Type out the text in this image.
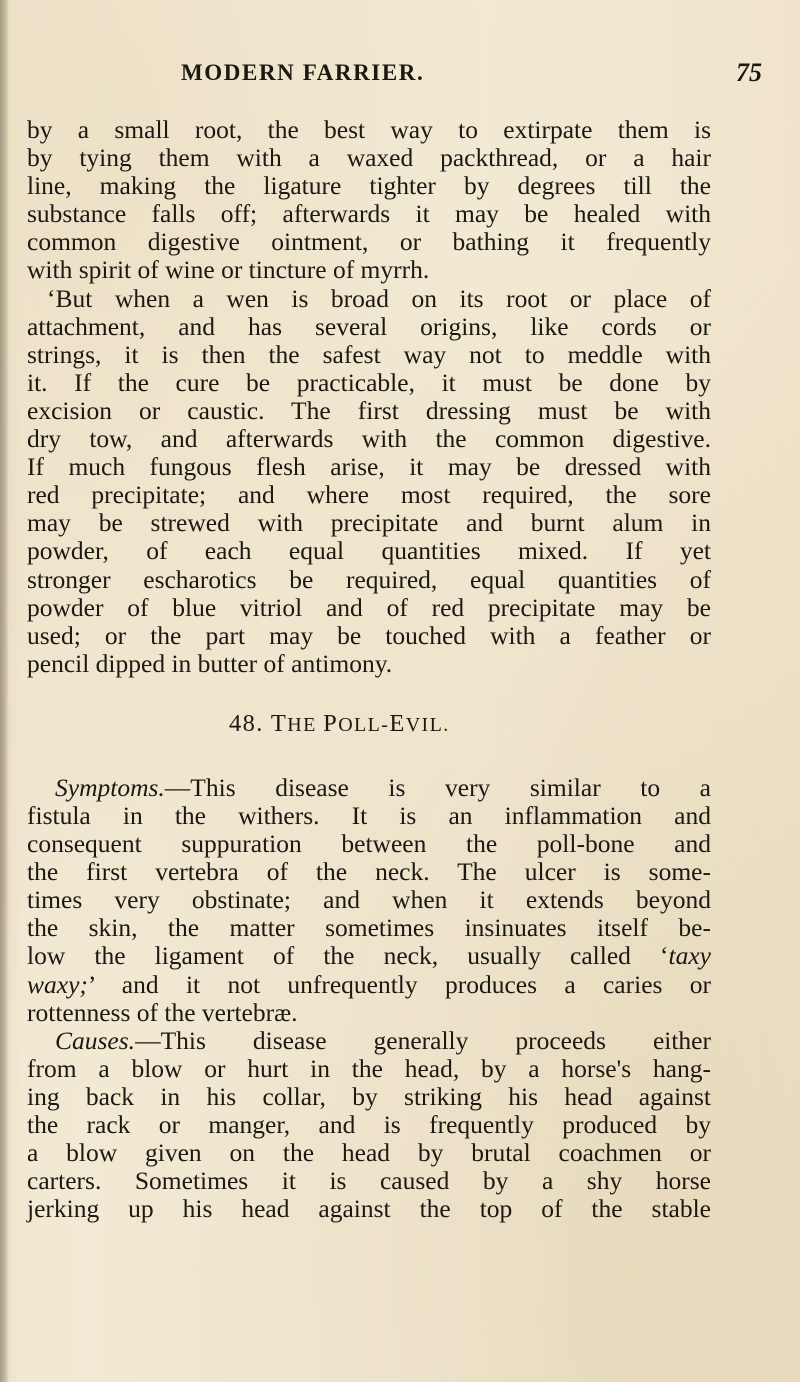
MODERN FARRIER.	75
by a small root, the best way to extirpate them is
by tying them with a waxed packthread, or a hair
line, making the ligature tighter by degrees till the
substance falls off; afterwards it may be healed with
common digestive ointment, or bathing it frequently
with spirit of wine or tincture of myrrh.
‘But when a wen is broad on its root or place of
attachment, and has several origins, like cords or
strings, it is then the safest way not to meddle with
it. If the cure be practicable, it must be done by
excision or caustic. The first dressing must be with
dry tow, and afterwards with the common digestive.
If much fungous flesh arise, it may be dressed with
red precipitate; and where most required, the sore
may be strewed with precipitate and burnt alum in
powder, of each equal quantities mixed. If yet
stronger escharotics be required, equal quantities of
powder of blue vitriol and of red precipitate may be
used; or the part may be touched with a feather or
pencil dipped in butter of antimony.
48. THE POLL-EVIL.
Symptoms.—This disease is very similar to a
fistula in the withers. It is an inflammation and
consequent suppuration between the poll-bone and
the first vertebra of the neck. The ulcer is some-
times very obstinate; and when it extends beyond
the skin, the matter sometimes insinuates itself be-
low the ligament of the neck, usually called ‘taxy
waxy;’ and it not unfrequently produces a caries or
rottenness of the vertebræ.
Causes.—This disease generally proceeds either
from a blow or hurt in the head, by a horse's hang-
ing back in his collar, by striking his head against
the rack or manger, and is frequently produced by
a blow given on the head by brutal coachmen or
carters. Sometimes it is caused by a shy horse
jerking up his head against the top of the stable
